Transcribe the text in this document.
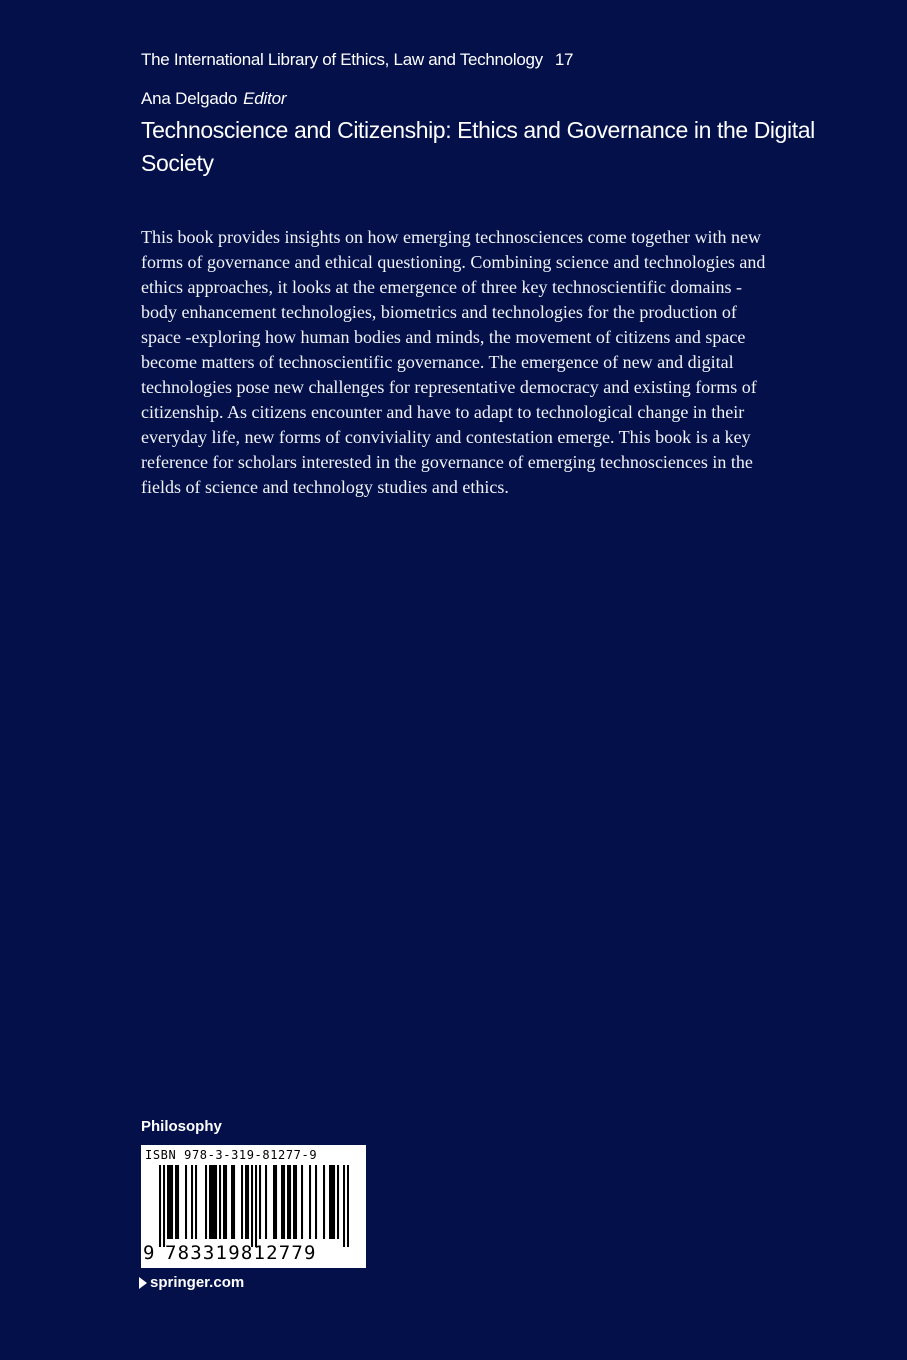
The International Library of Ethics, Law and Technology 17
Ana Delgado Editor
Technoscience and Citizenship: Ethics and Governance in the Digital Society
This book provides insights on how emerging technosciences come together with new
forms of governance and ethical questioning. Combining science and technologies and
ethics approaches, it looks at the emergence of three key technoscientific domains -
body enhancement technologies, biometrics and technologies for the production of
space -exploring how human bodies and minds, the movement of citizens and space
become matters of technoscientific governance. The emergence of new and digital
technologies pose new challenges for representative democracy and existing forms of
citizenship. As citizens encounter and have to adapt to technological change in their
everyday life, new forms of conviviality and contestation emerge. This book is a key
reference for scholars interested in the governance of emerging technosciences in the
fields of science and technology studies and ethics.
Philosophy
ISBN 978-3-319-81277-9
9 783319812779
springer.com
